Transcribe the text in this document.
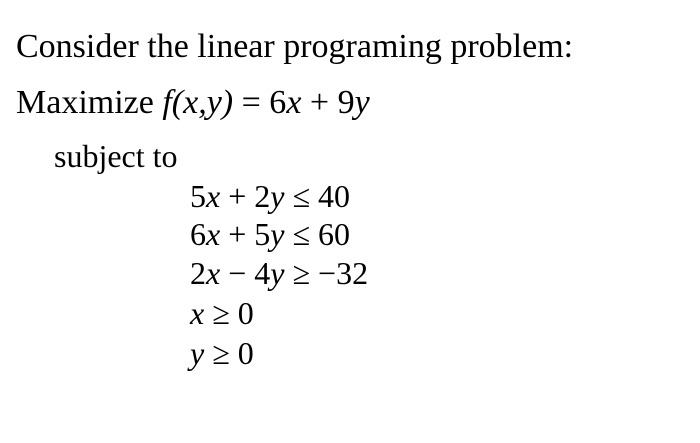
Consider the linear programing problem:
Maximize f(x,y) = 6x + 9y
subject to
5x + 2y ≤ 40
6x + 5y ≤ 60
2x − 4y ≥ −32
x ≥ 0
y ≥ 0
